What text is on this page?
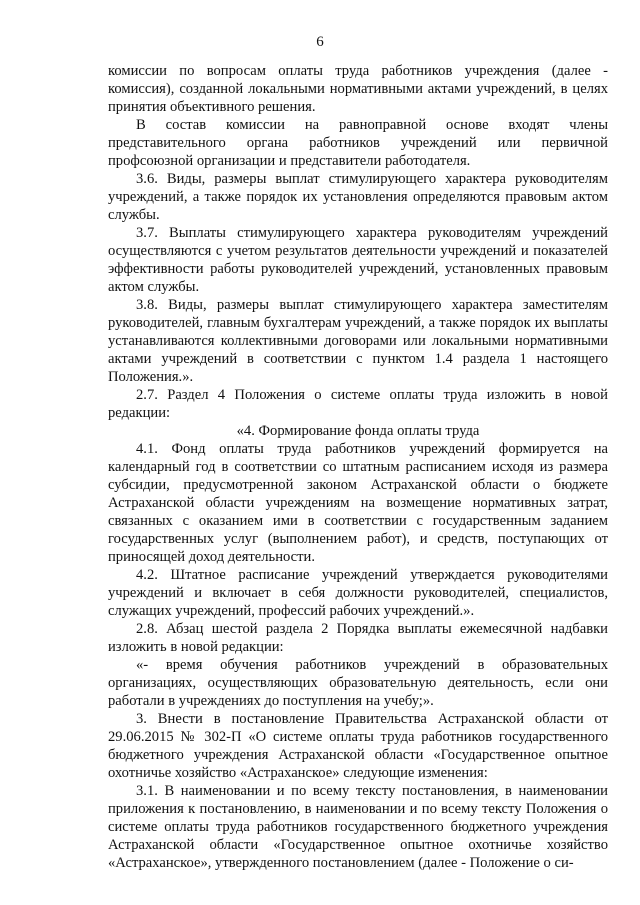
6

комиссии по вопросам оплаты труда работников учреждения (далее - комиссия), созданной локальными нормативными актами учреждений, в целях принятия объективного решения.

В состав комиссии на равноправной основе входят члены представительного органа работников учреждений или первичной профсоюзной организации и представители работодателя.

3.6. Виды, размеры выплат стимулирующего характера руководителям учреждений, а также порядок их установления определяются правовым актом службы.

3.7. Выплаты стимулирующего характера руководителям учреждений осуществляются с учетом результатов деятельности учреждений и показателей эффективности работы руководителей учреждений, установленных правовым актом службы.

3.8. Виды, размеры выплат стимулирующего характера заместителям руководителей, главным бухгалтерам учреждений, а также порядок их выплаты устанавливаются коллективными договорами или локальными нормативными актами учреждений в соответствии с пунктом 1.4 раздела 1 настоящего Положения.».

2.7. Раздел 4 Положения о системе оплаты труда изложить в новой редакции:

«4. Формирование фонда оплаты труда

4.1. Фонд оплаты труда работников учреждений формируется на календарный год в соответствии со штатным расписанием исходя из размера субсидии, предусмотренной законом Астраханской области о бюджете Астраханской области учреждениям на возмещение нормативных затрат, связанных с оказанием ими в соответствии с государственным заданием государственных услуг (выполнением работ), и средств, поступающих от приносящей доход деятельности.

4.2. Штатное расписание учреждений утверждается руководителями учреждений и включает в себя должности руководителей, специалистов, служащих учреждений, профессий рабочих учреждений.».

2.8. Абзац шестой раздела 2 Порядка выплаты ежемесячной надбавки изложить в новой редакции:

«- время обучения работников учреждений в образовательных организациях, осуществляющих образовательную деятельность, если они работали в учреждениях до поступления на учебу;».

3. Внести в постановление Правительства Астраханской области от 29.06.2015 № 302-П «О системе оплаты труда работников государственного бюджетного учреждения Астраханской области «Государственное опытное охотничье хозяйство «Астраханское» следующие изменения:

3.1. В наименовании и по всему тексту постановления, в наименовании приложения к постановлению, в наименовании и по всему тексту Положения о системе оплаты труда работников государственного бюджетного учреждения Астраханской области «Государственное опытное охотничье хозяйство «Астраханское», утвержденного постановлением (далее - Положение о си-
